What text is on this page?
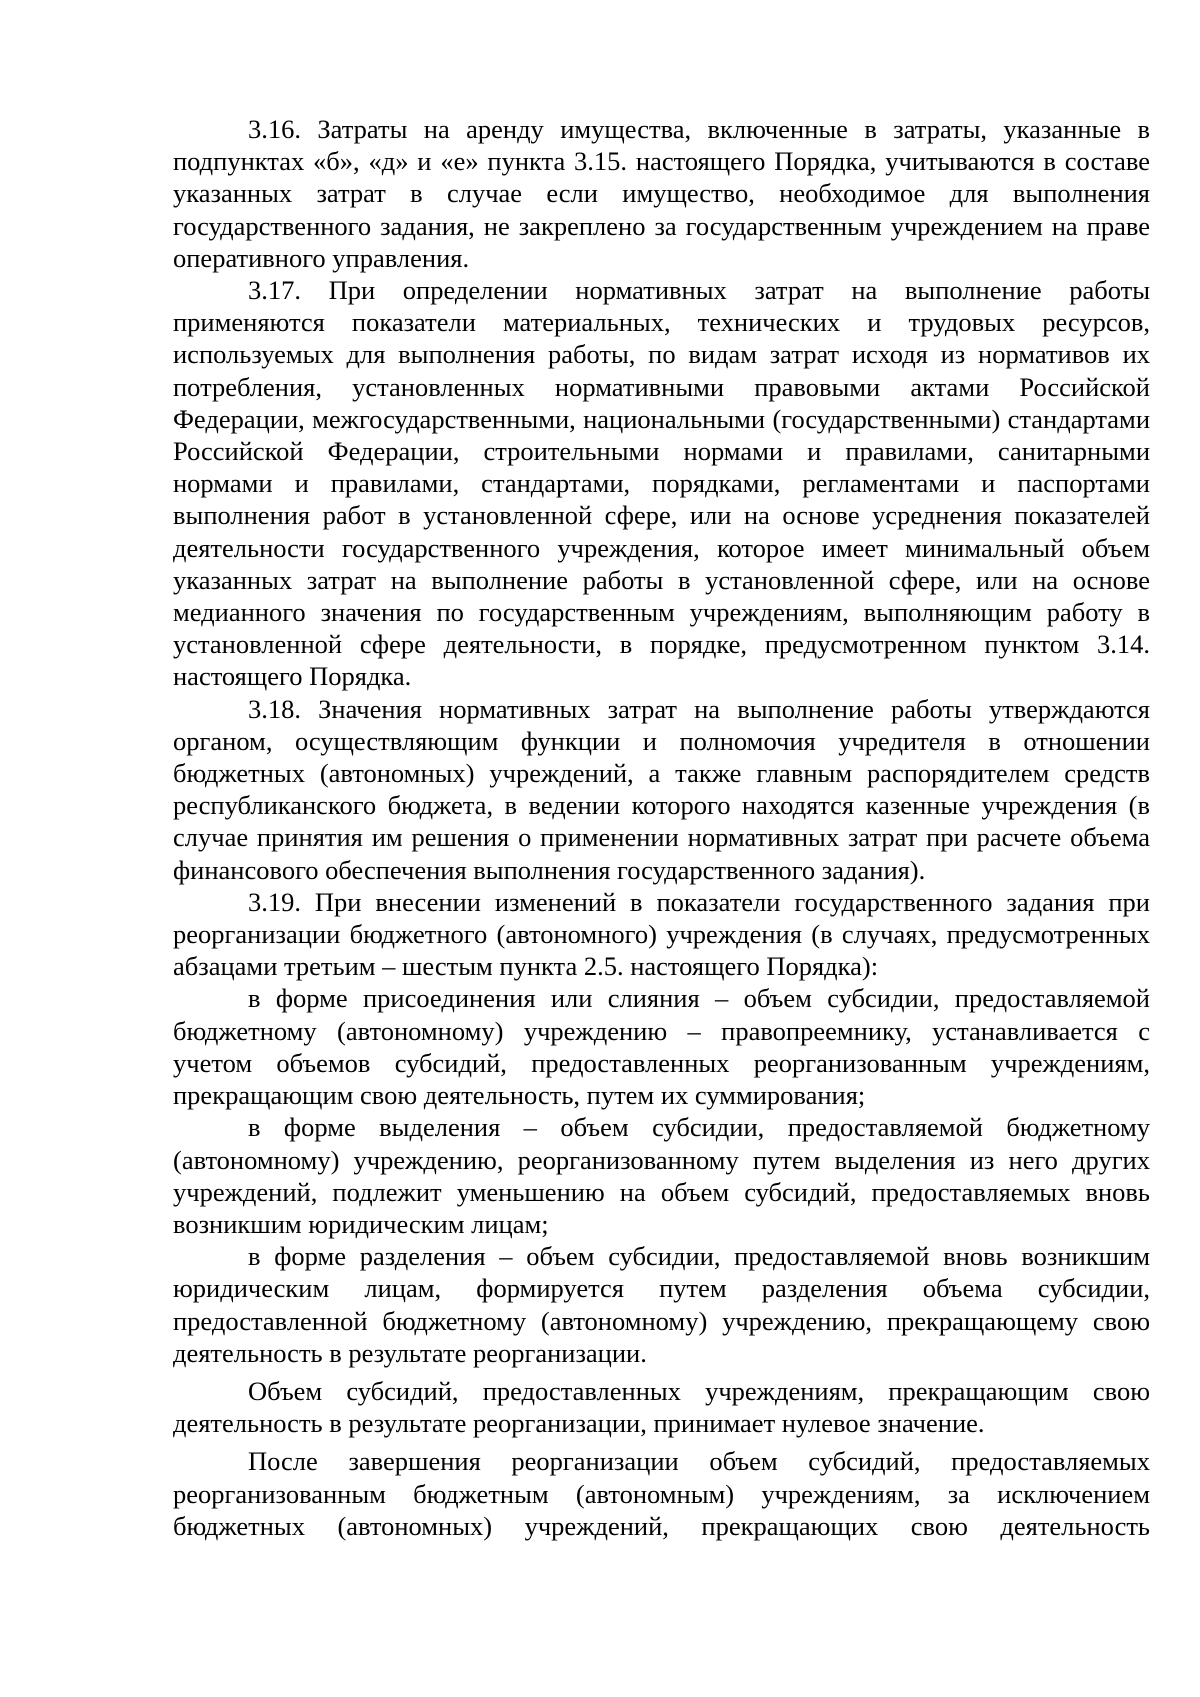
3.16. Затраты на аренду имущества, включенные в затраты, указанные в подпунктах «б», «д» и «е» пункта 3.15. настоящего Порядка, учитываются в составе указанных затрат в случае если имущество, необходимое для выполнения государственного задания, не закреплено за государственным учреждением на праве оперативного управления.

3.17. При определении нормативных затрат на выполнение работы применяются показатели материальных, технических и трудовых ресурсов, используемых для выполнения работы, по видам затрат исходя из нормативов их потребления, установленных нормативными правовыми актами Российской Федерации, межгосударственными, национальными (государственными) стандартами Российской Федерации, строительными нормами и правилами, санитарными нормами и правилами, стандартами, порядками, регламентами и паспортами выполнения работ в установленной сфере, или на основе усреднения показателей деятельности государственного учреждения, которое имеет минимальный объем указанных затрат на выполнение работы в установленной сфере, или на основе медианного значения по государственным учреждениям, выполняющим работу в установленной сфере деятельности, в порядке, предусмотренном пунктом 3.14. настоящего Порядка.

3.18. Значения нормативных затрат на выполнение работы утверждаются органом, осуществляющим функции и полномочия учредителя в отношении бюджетных (автономных) учреждений, а также главным распорядителем средств республиканского бюджета, в ведении которого находятся казенные учреждения (в случае принятия им решения о применении нормативных затрат при расчете объема финансового обеспечения выполнения государственного задания).

3.19. При внесении изменений в показатели государственного задания при реорганизации бюджетного (автономного) учреждения (в случаях, предусмотренных абзацами третьим – шестым пункта 2.5. настоящего Порядка):

в форме присоединения или слияния – объем субсидии, предоставляемой бюджетному (автономному) учреждению – правопреемнику, устанавливается с учетом объемов субсидий, предоставленных реорганизованным учреждениям, прекращающим свою деятельность, путем их суммирования;

в форме выделения – объем субсидии, предоставляемой бюджетному (автономному) учреждению, реорганизованному путем выделения из него других учреждений, подлежит уменьшению на объем субсидий, предоставляемых вновь возникшим юридическим лицам;

в форме разделения – объем субсидии, предоставляемой вновь возникшим юридическим лицам, формируется путем разделения объема субсидии, предоставленной бюджетному (автономному) учреждению, прекращающему свою деятельность в результате реорганизации.

Объем субсидий, предоставленных учреждениям, прекращающим свою деятельность в результате реорганизации, принимает нулевое значение.

После завершения реорганизации объем субсидий, предоставляемых реорганизованным бюджетным (автономным) учреждениям, за исключением бюджетных (автономных) учреждений, прекращающих свою деятельность
